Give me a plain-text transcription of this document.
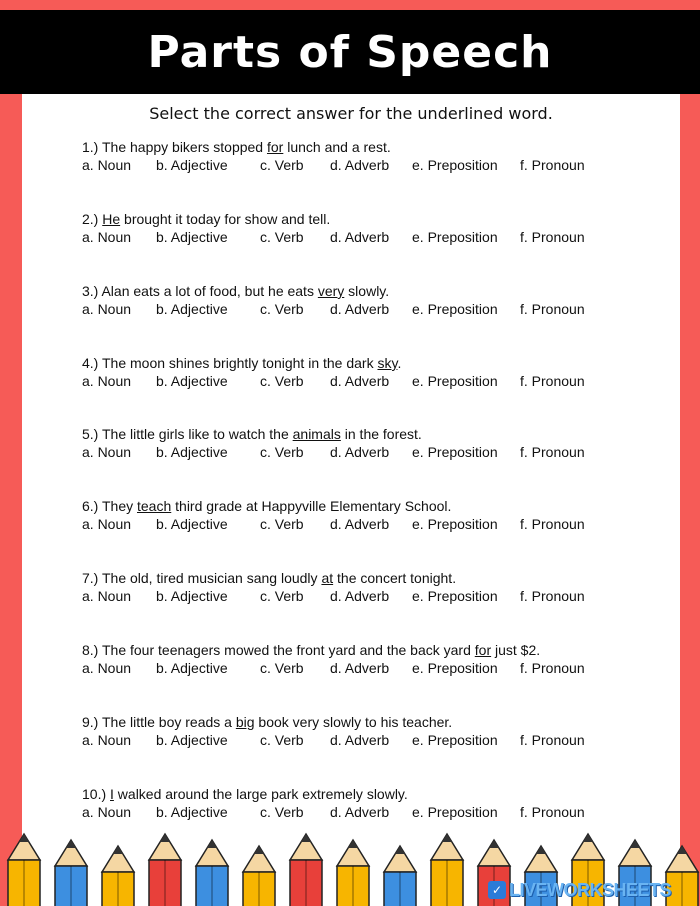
Parts of Speech
Select the correct answer for the underlined word.
1.) The happy bikers stopped for lunch and a rest.
a. Noun	b. Adjective	c. Verb	d. Adverb	e. Preposition	f. Pronoun
2.) He brought it today for show and tell.
a. Noun	b. Adjective	c. Verb	d. Adverb	e. Preposition	f. Pronoun
3.) Alan eats a lot of food, but he eats very slowly.
a. Noun	b. Adjective	c. Verb	d. Adverb	e. Preposition	f. Pronoun
4.) The moon shines brightly tonight in the dark sky.
a. Noun	b. Adjective	c. Verb	d. Adverb	e. Preposition	f. Pronoun
5.) The little girls like to watch the animals in the forest.
a. Noun	b. Adjective	c. Verb	d. Adverb	e. Preposition	f. Pronoun
6.) They teach third grade at Happyville Elementary School.
a. Noun	b. Adjective	c. Verb	d. Adverb	e. Preposition	f. Pronoun
7.) The old, tired musician sang loudly at the concert tonight.
a. Noun	b. Adjective	c. Verb	d. Adverb	e. Preposition	f. Pronoun
8.) The four teenagers mowed the front yard and the back yard for just $2.
a. Noun	b. Adjective	c. Verb	d. Adverb	e. Preposition	f. Pronoun
9.) The little boy reads a big book very slowly to his teacher.
a. Noun	b. Adjective	c. Verb	d. Adverb	e. Preposition	f. Pronoun
10.) I walked around the large park extremely slowly.
a. Noun	b. Adjective	c. Verb	d. Adverb	e. Preposition	f. Pronoun
✓ LIVEWORKSHEETS
